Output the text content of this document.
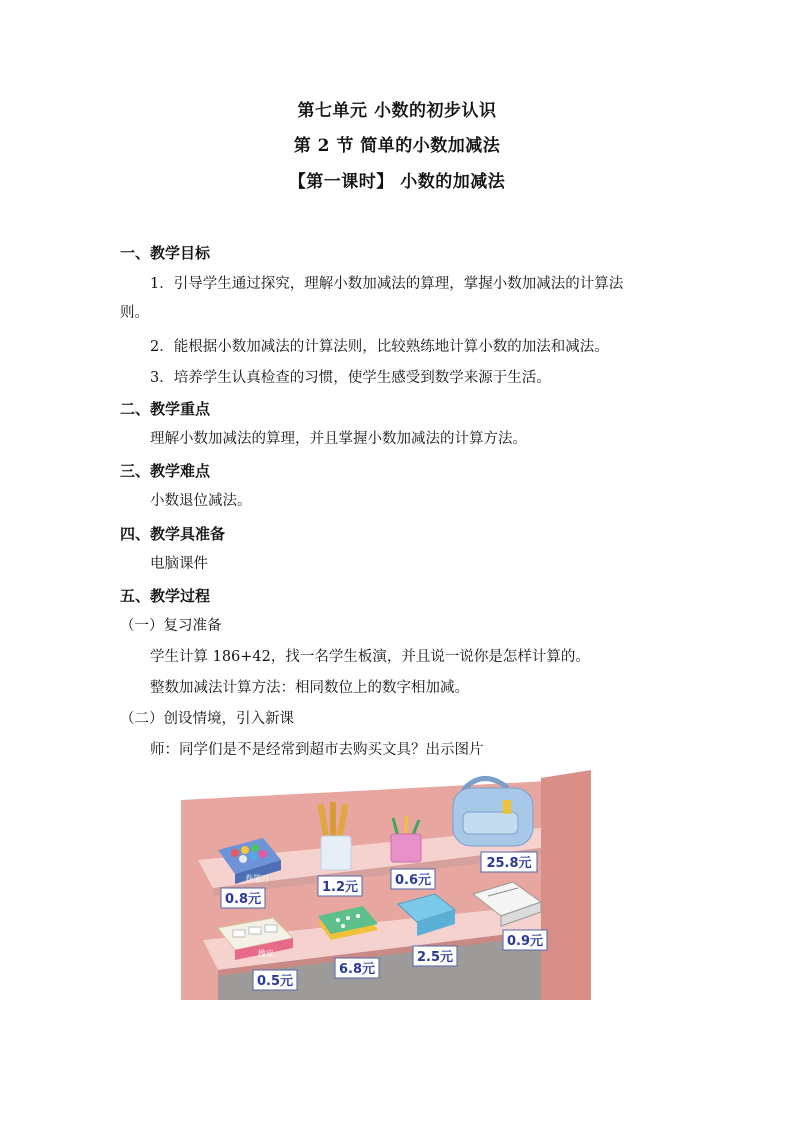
第七单元 小数的初步认识
第 2 节 简单的小数加减法
【第一课时】 小数的加减法
一、教学目标
1．引导学生通过探究，理解小数加减法的算理，掌握小数加减法的计算法
则。
2．能根据小数加减法的计算法则，比较熟练地计算小数的加法和减法。
3．培养学生认真检查的习惯，使学生感受到数学来源于生活。
二、教学重点
理解小数加减法的算理，并且掌握小数加减法的计算方法。
三、教学难点
小数退位减法。
四、教学具准备
电脑课件
五、教学过程
（一）复习准备
学生计算 186+42，找一名学生板演，并且说一说你是怎样计算的。
整数加减法计算方法：相同数位上的数字相加减。
（二）创设情境，引入新课
师：同学们是不是经常到超市去购买文具？出示图片
卷笔刀
橡皮
0.8元
1.2元	0.6元
25.8元
0.5元
6.8元
2.5元
0.9元
